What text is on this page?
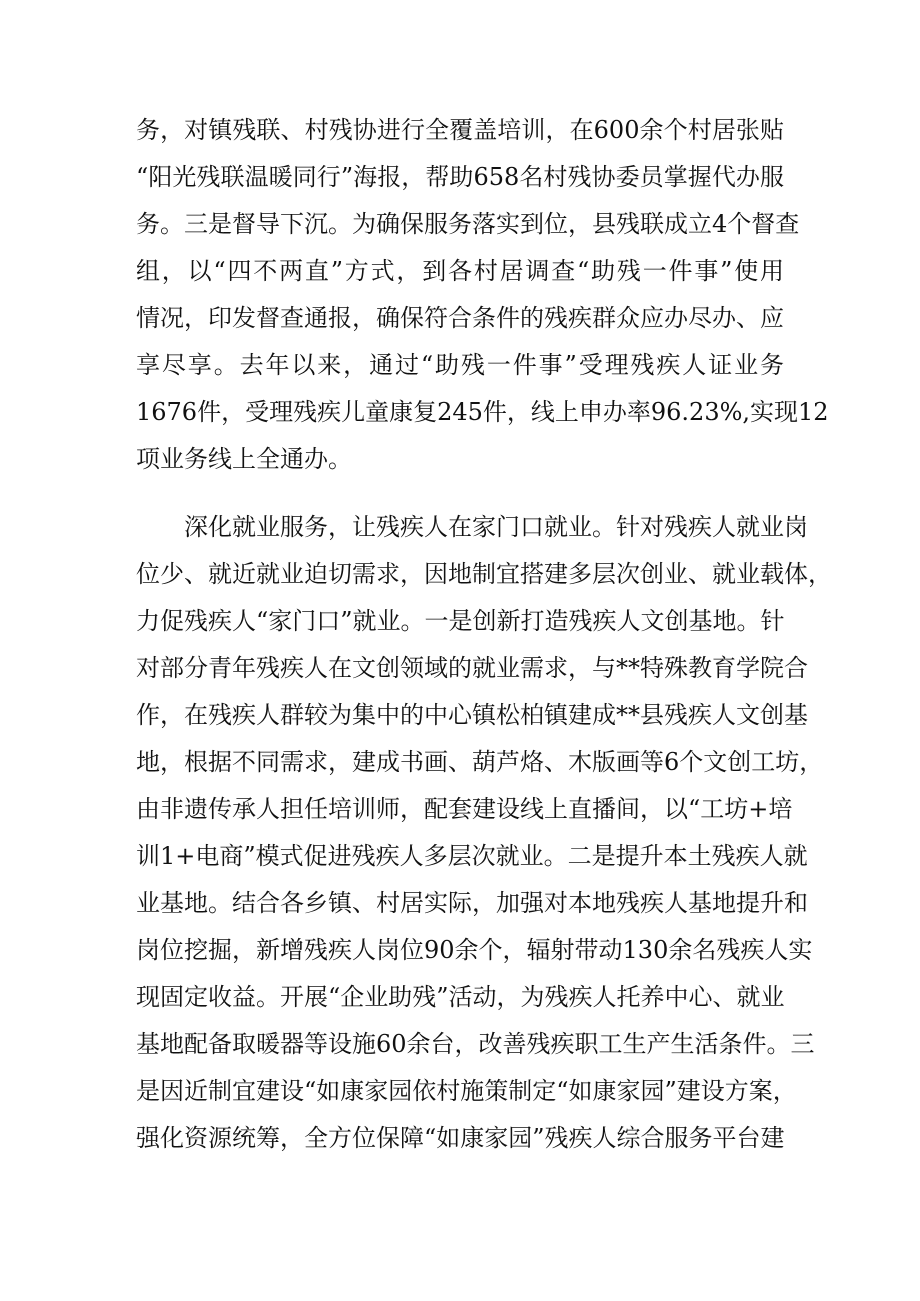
务，对镇残联、村残协进行全覆盖培训，在600余个村居张贴
“阳光残联温暖同行”海报，帮助658名村残协委员掌握代办服
务。三是督导下沉。为确保服务落实到位，县残联成立4个督查
组，以“四不两直”方式，到各村居调查“助残一件事”使用
情况，印发督查通报，确保符合条件的残疾群众应办尽办、应
享尽享。去年以来，通过“助残一件事”受理残疾人证业务
1676件，受理残疾儿童康复245件，线上申办率96.23%,实现12
项业务线上全通办。
深化就业服务，让残疾人在家门口就业。针对残疾人就业岗
位少、就近就业迫切需求，因地制宜搭建多层次创业、就业载体，
力促残疾人“家门口”就业。一是创新打造残疾人文创基地。针
对部分青年残疾人在文创领域的就业需求，与**特殊教育学院合
作，在残疾人群较为集中的中心镇松柏镇建成**县残疾人文创基
地，根据不同需求，建成书画、葫芦烙、木版画等6个文创工坊，
由非遗传承人担任培训师，配套建设线上直播间，以“工坊+培
训1+电商”模式促进残疾人多层次就业。二是提升本土残疾人就
业基地。结合各乡镇、村居实际，加强对本地残疾人基地提升和
岗位挖掘，新增残疾人岗位90余个，辐射带动130余名残疾人实
现固定收益。开展“企业助残”活动，为残疾人托养中心、就业
基地配备取暖器等设施60余台，改善残疾职工生产生活条件。三
是因近制宜建设“如康家园依村施策制定“如康家园”建设方案，
强化资源统筹，全方位保障“如康家园”残疾人综合服务平台建
